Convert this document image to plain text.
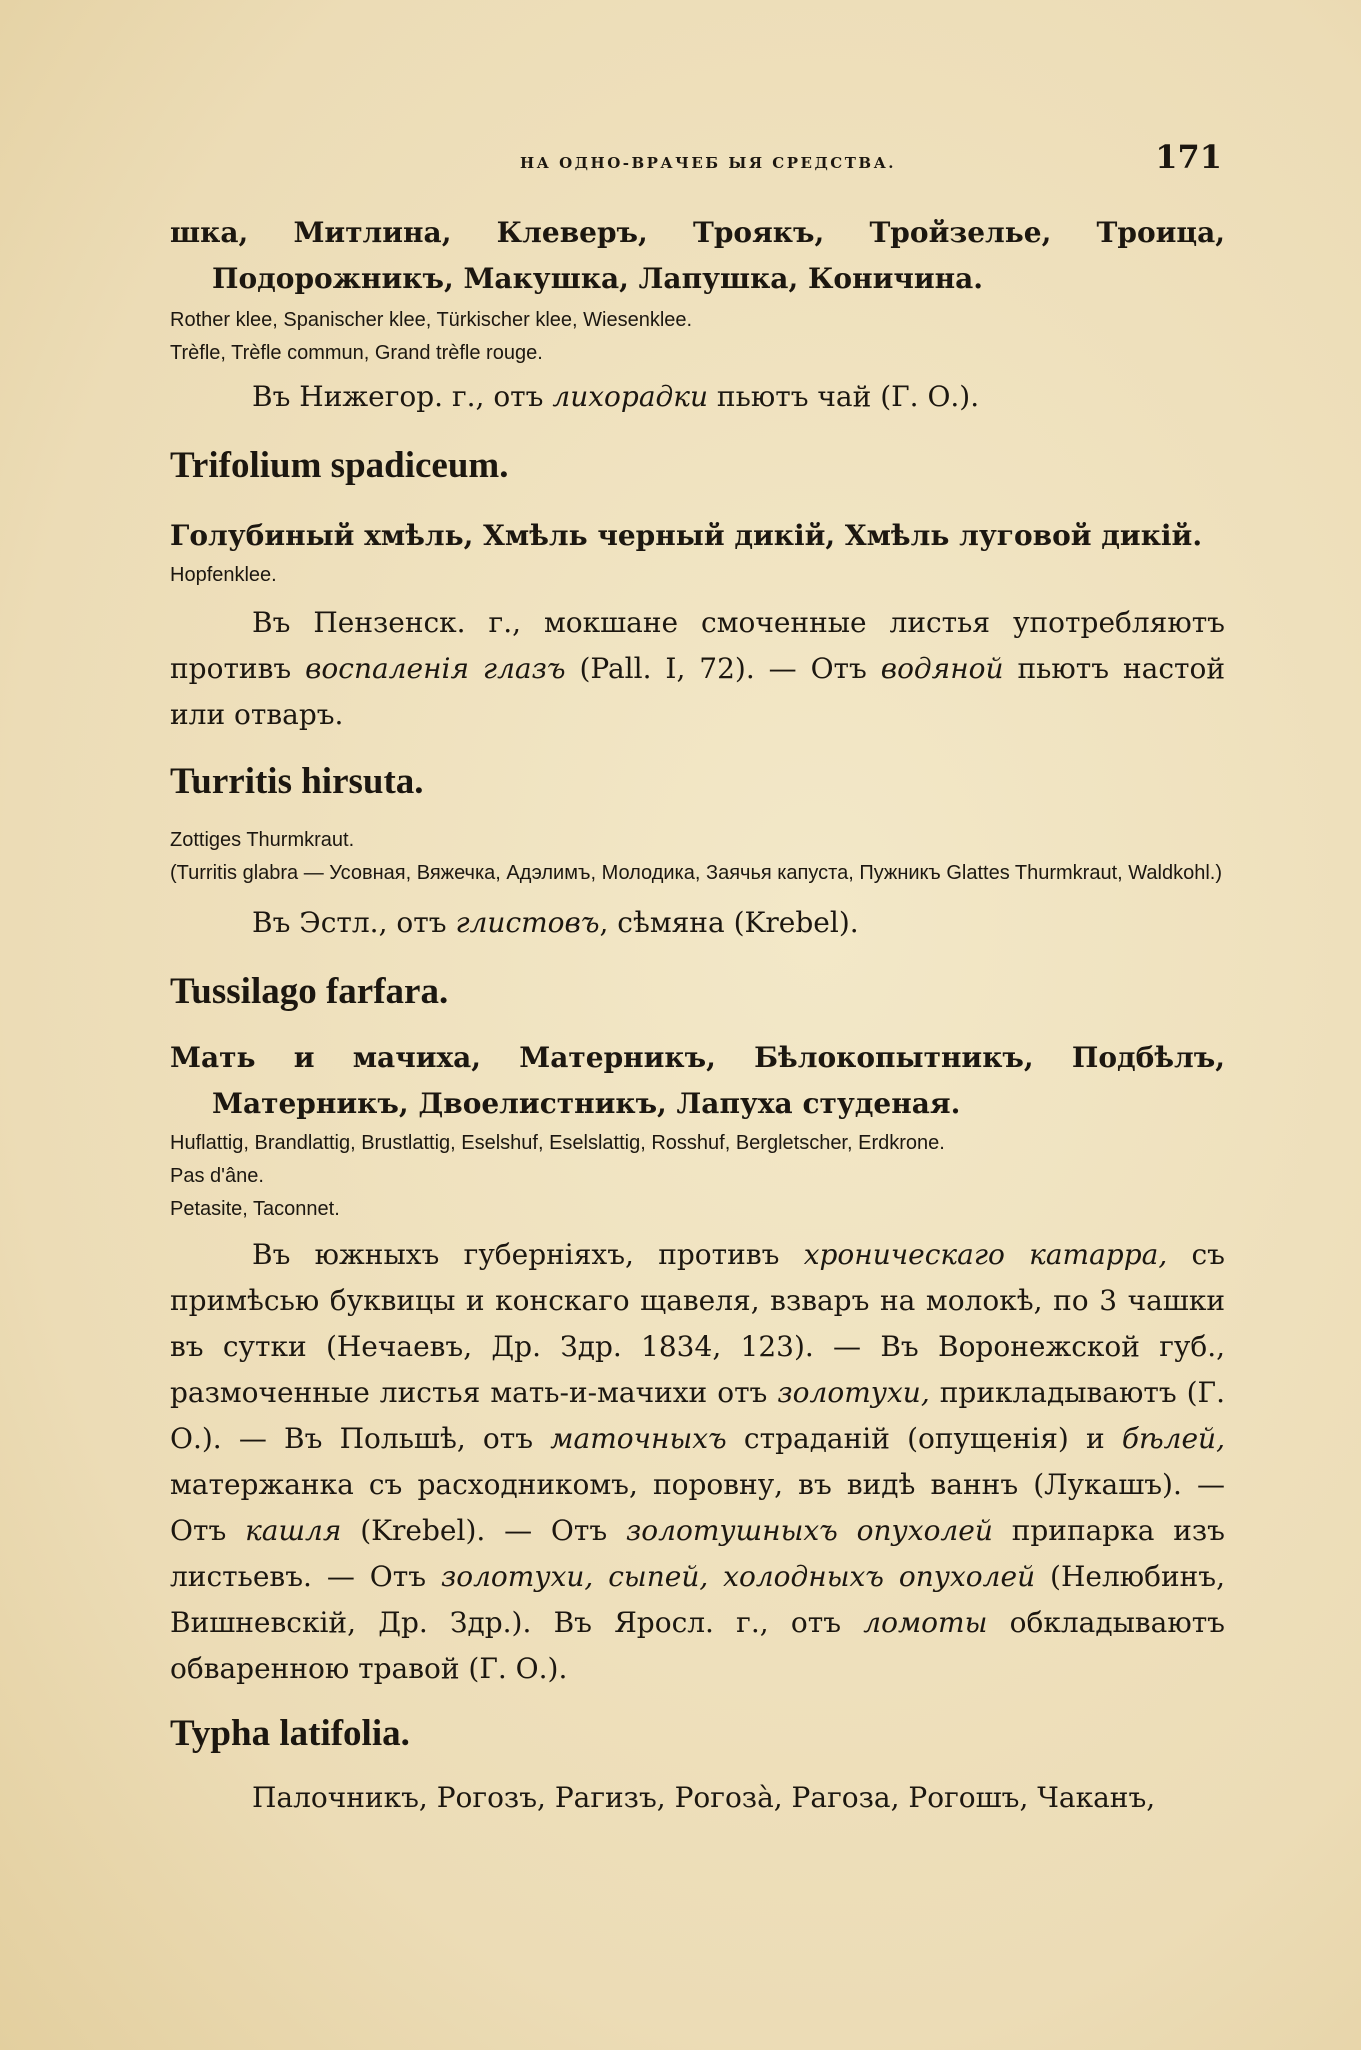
НА ОДНО-ВРАЧЕБ ЫЯ СРЕДСТВА.	171

шка, Митлина, Клеверъ, Троякъ, Тройзелье, Троица, Подорожникъ, Макушка, Лапушка, Коничина.

Rother klee, Spanischer klee, Türkischer klee, Wiesenklee.

Trèfle, Trèfle commun, Grand trèfle rouge.

Въ Нижегор. г., отъ лихорадки пьютъ чай (Г. О.).

Trifolium spadiceum.

Голубиный хмѣль, Хмѣль черный дикій, Хмѣль луговой дикій.

Hopfenklee.

Въ Пензенск. г., мокшане смоченные листья употребляютъ противъ воспаленія глазъ (Pall. I, 72). — Отъ водяной пьютъ настой или отваръ.

Turritis hirsuta.

Zottiges Thurmkraut.

(Turritis glabra — Усовная, Вяжечка, Адэлимъ, Молодика, Заячья капуста, Пужникъ Glattes Thurmkraut, Waldkohl.)

Въ Эстл., отъ глистовъ, сѣмяна (Krebel).

Tussilago farfara.

Мать и мачиха, Матерникъ, Бѣлокопытникъ, Подбѣлъ, Матерникъ, Двоелистникъ, Лапуха студеная.

Huflattig, Brandlattig, Brustlattig, Eselshuf, Eselslattig, Rosshuf, Bergletscher, Erdkrone.

Pas d'âne.

Petasite, Taconnet.

Въ южныхъ губерніяхъ, противъ хроническаго катарра, съ примѣсью буквицы и конскаго щавеля, взваръ на молокѣ, по 3 чашки въ сутки (Нечаевъ, Др. Здр. 1834, 123). — Въ Воронежской губ., размоченные листья мать-и-мачихи отъ золотухи, прикладываютъ (Г. О.). — Въ Польшѣ, отъ маточныхъ страданій (опущенія) и бѣлей, матержанка съ расходникомъ, поровну, въ видѣ ваннъ (Лукашъ). — Отъ кашля (Krebel). — Отъ золотушныхъ опухолей припарка изъ листьевъ. — Отъ золотухи, сыпей, холодныхъ опухолей (Нелюбинъ, Вишневскій, Др. Здр.). Въ Яросл. г., отъ ломоты обкладываютъ обваренною травой (Г. О.).

Typha latifolia.

Палочникъ, Рогозъ, Рагизъ, Рогозà, Рагоза, Рогошъ, Чаканъ,
